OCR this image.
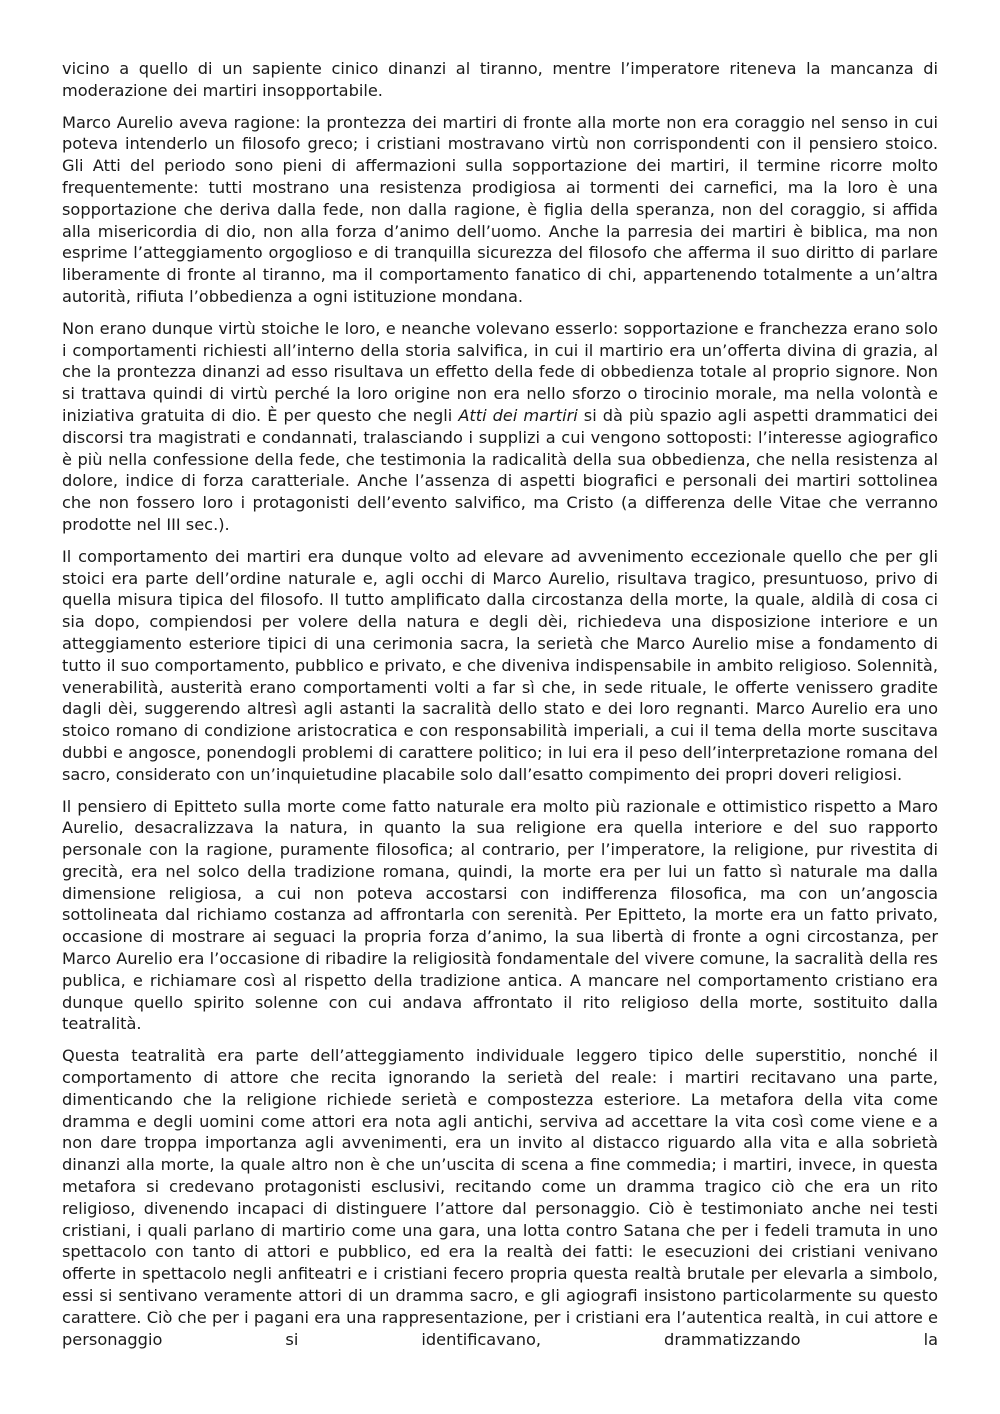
vicino a quello di un sapiente cinico dinanzi al tiranno, mentre l’imperatore riteneva la mancanza di moderazione dei martiri insopportabile.

Marco Aurelio aveva ragione: la prontezza dei martiri di fronte alla morte non era coraggio nel senso in cui poteva intenderlo un filosofo greco; i cristiani mostravano virtù non corrispondenti con il pensiero stoico. Gli Atti del periodo sono pieni di affermazioni sulla sopportazione dei martiri, il termine ricorre molto frequentemente: tutti mostrano una resistenza prodigiosa ai tormenti dei carnefici, ma la loro è una sopportazione che deriva dalla fede, non dalla ragione, è figlia della speranza, non del coraggio, si affida alla misericordia di dio, non alla forza d’animo dell’uomo. Anche la parresia dei martiri è biblica, ma non esprime l’atteggiamento orgoglioso e di tranquilla sicurezza del filosofo che afferma il suo diritto di parlare liberamente di fronte al tiranno, ma il comportamento fanatico di chi, appartenendo totalmente a un’altra autorità, rifiuta l’obbedienza a ogni istituzione mondana.

Non erano dunque virtù stoiche le loro, e neanche volevano esserlo: sopportazione e franchezza erano solo i comportamenti richiesti all’interno della storia salvifica, in cui il martirio era un’offerta divina di grazia, al che la prontezza dinanzi ad esso risultava un effetto della fede di obbedienza totale al proprio signore. Non si trattava quindi di virtù perché la loro origine non era nello sforzo o tirocinio morale, ma nella volontà e iniziativa gratuita di dio. È per questo che negli Atti dei martiri si dà più spazio agli aspetti drammatici dei discorsi tra magistrati e condannati, tralasciando i supplizi a cui vengono sottoposti: l’interesse agiografico è più nella confessione della fede, che testimonia la radicalità della sua obbedienza, che nella resistenza al dolore, indice di forza caratteriale. Anche l’assenza di aspetti biografici e personali dei martiri sottolinea che non fossero loro i protagonisti dell’evento salvifico, ma Cristo (a differenza delle Vitae che verranno prodotte nel III sec.).

Il comportamento dei martiri era dunque volto ad elevare ad avvenimento eccezionale quello che per gli stoici era parte dell’ordine naturale e, agli occhi di Marco Aurelio, risultava tragico, presuntuoso, privo di quella misura tipica del filosofo. Il tutto amplificato dalla circostanza della morte, la quale, aldilà di cosa ci sia dopo, compiendosi per volere della natura e degli dèi, richiedeva una disposizione interiore e un atteggiamento esteriore tipici di una cerimonia sacra, la serietà che Marco Aurelio mise a fondamento di tutto il suo comportamento, pubblico e privato, e che diveniva indispensabile in ambito religioso. Solennità, venerabilità, austerità erano comportamenti volti a far sì che, in sede rituale, le offerte venissero gradite dagli dèi, suggerendo altresì agli astanti la sacralità dello stato e dei loro regnanti. Marco Aurelio era uno stoico romano di condizione aristocratica e con responsabilità imperiali, a cui il tema della morte suscitava dubbi e angosce, ponendogli problemi di carattere politico; in lui era il peso dell’interpretazione romana del sacro, considerato con un’inquietudine placabile solo dall’esatto compimento dei propri doveri religiosi.

Il pensiero di Epitteto sulla morte come fatto naturale era molto più razionale e ottimistico rispetto a Maro Aurelio, desacralizzava la natura, in quanto la sua religione era quella interiore e del suo rapporto personale con la ragione, puramente filosofica; al contrario, per l’imperatore, la religione, pur rivestita di grecità, era nel solco della tradizione romana, quindi, la morte era per lui un fatto sì naturale ma dalla dimensione religiosa, a cui non poteva accostarsi con indifferenza filosofica, ma con un’angoscia sottolineata dal richiamo costanza ad affrontarla con serenità. Per Epitteto, la morte era un fatto privato, occasione di mostrare ai seguaci la propria forza d’animo, la sua libertà di fronte a ogni circostanza, per Marco Aurelio era l’occasione di ribadire la religiosità fondamentale del vivere comune, la sacralità della res publica, e richiamare così al rispetto della tradizione antica. A mancare nel comportamento cristiano era dunque quello spirito solenne con cui andava affrontato il rito religioso della morte, sostituito dalla teatralità.

Questa teatralità era parte dell’atteggiamento individuale leggero tipico delle superstitio, nonché il comportamento di attore che recita ignorando la serietà del reale: i martiri recitavano una parte, dimenticando che la religione richiede serietà e compostezza esteriore. La metafora della vita come dramma e degli uomini come attori era nota agli antichi, serviva ad accettare la vita così come viene e a non dare troppa importanza agli avvenimenti, era un invito al distacco riguardo alla vita e alla sobrietà dinanzi alla morte, la quale altro non è che un’uscita di scena a fine commedia; i martiri, invece, in questa metafora si credevano protagonisti esclusivi, recitando come un dramma tragico ciò che era un rito religioso, divenendo incapaci di distinguere l’attore dal personaggio. Ciò è testimoniato anche nei testi cristiani, i quali parlano di martirio come una gara, una lotta contro Satana che per i fedeli tramuta in uno spettacolo con tanto di attori e pubblico, ed era la realtà dei fatti: le esecuzioni dei cristiani venivano offerte in spettacolo negli anfiteatri e i cristiani fecero propria questa realtà brutale per elevarla a simbolo, essi si sentivano veramente attori di un dramma sacro, e gli agiografi insistono particolarmente su questo carattere. Ciò che per i pagani era una rappresentazione, per i cristiani era l’autentica realtà, in cui attore e personaggio si identificavano, drammatizzando la
